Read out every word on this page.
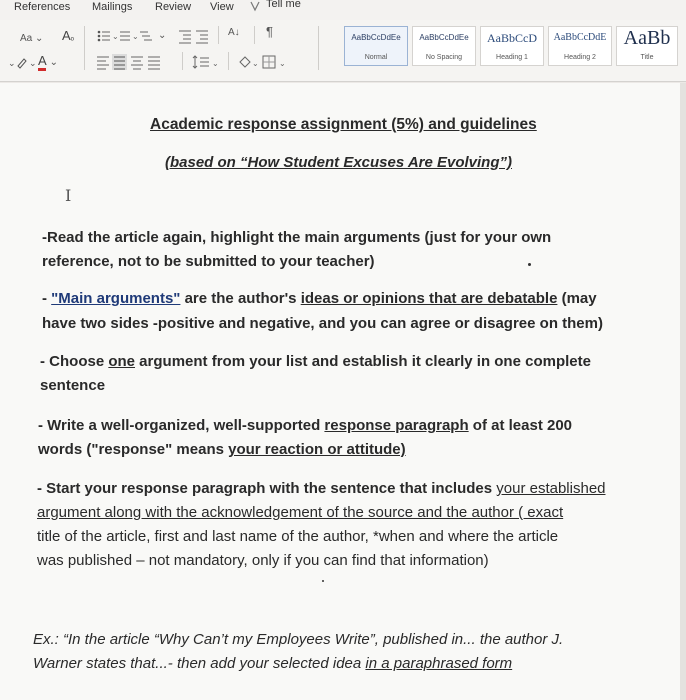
References Mailings Review View	Tell me
Aa ⌄ Aₒ
⌄ ⌄ A ⌄
⌄ ⌄ ⌄	A↓ ¶
⌄	⌄	⌄
AaBbCcDdEe
Normal
AaBbCcDdEe
No Spacing
AaBbCcD
Heading 1
AaBbCcDdE
Heading 2
AaBb
Title
Academic response assignment (5%) and guidelines
(based on “How Student Excuses Are Evolving”)
I
-Read the article again, highlight the main arguments (just for your own
reference, not to be submitted to your teacher)
- "Main arguments" are the author's ideas or opinions that are debatable (may
have two sides -positive and negative, and you can agree or disagree on them)
- Choose one argument from your list and establish it clearly in one complete
sentence
- Write a well-organized, well-supported response paragraph of at least 200
words ("response" means your reaction or attitude)
- Start your response paragraph with the sentence that includes your established
argument along with the acknowledgement of the source and the author ( exact
title of the article, first and last name of the author, *when and where the article
was published – not mandatory, only if you can find that information)
Ex.: “In the article “Why Can’t my Employees Write”, published in... the author J.
Warner states that...- then add your selected idea in a paraphrased form
